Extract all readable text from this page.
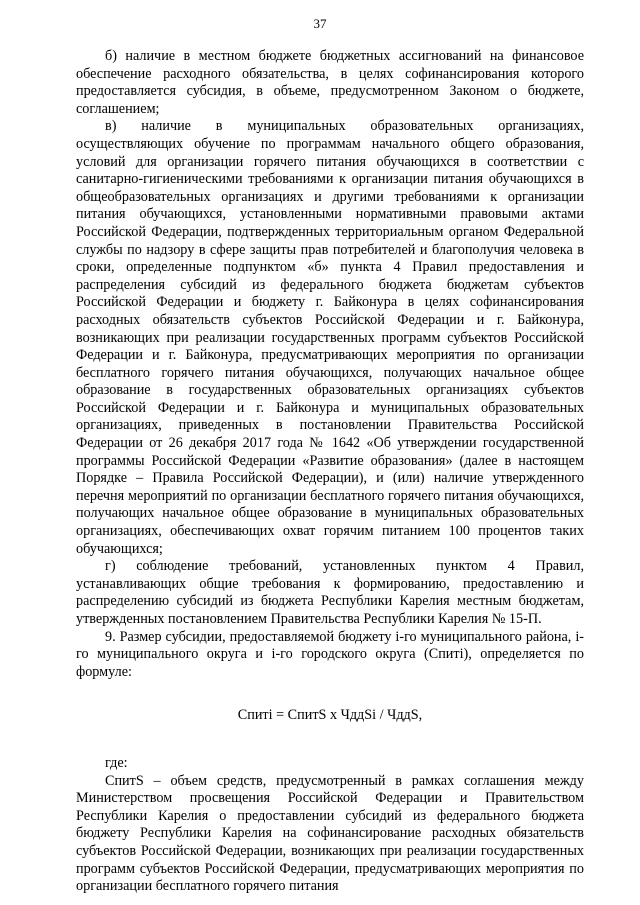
37

б) наличие в местном бюджете бюджетных ассигнований на финансовое обеспечение расходного обязательства, в целях софинансирования которого предоставляется субсидия, в объеме, предусмотренном Законом о бюджете, соглашением;

в) наличие в муниципальных образовательных организациях, осуществляющих обучение по программам начального общего образования, условий для организации горячего питания обучающихся в соответствии с санитарно-гигиеническими требованиями к организации питания обучающихся в общеобразовательных организациях и другими требованиями к организации питания обучающихся, установленными нормативными правовыми актами Российской Федерации, подтвержденных территориальным органом Федеральной службы по надзору в сфере защиты прав потребителей и благополучия человека в сроки, определенные подпунктом «б» пункта 4 Правил предоставления и распределения субсидий из федерального бюджета бюджетам субъектов Российской Федерации и бюджету г. Байконура в целях софинансирования расходных обязательств субъектов Российской Федерации и г. Байконура, возникающих при реализации государственных программ субъектов Российской Федерации и г. Байконура, предусматривающих мероприятия по организации бесплатного горячего питания обучающихся, получающих начальное общее образование в государственных образовательных организациях субъектов Российской Федерации и г. Байконура и муниципальных образовательных организациях, приведенных в постановлении Правительства Российской Федерации от 26 декабря 2017 года № 1642 «Об утверждении государственной программы Российской Федерации «Развитие образования» (далее в настоящем Порядке – Правила Российской Федерации), и (или) наличие утвержденного перечня мероприятий по организации бесплатного горячего питания обучающихся, получающих начальное общее образование в муниципальных образовательных организациях, обеспечивающих охват горячим питанием 100 процентов таких обучающихся;

г) соблюдение требований, установленных пунктом 4 Правил, устанавливающих общие требования к формированию, предоставлению и распределению субсидий из бюджета Республики Карелия местным бюджетам, утвержденных постановлением Правительства Республики Карелия № 15-П.

9. Размер субсидии, предоставляемой бюджету i-го муниципального района, i-го муниципального округа и i-го городского округа (Cпитi), определяется по формуле:

Cпитi = CпитS x ЧддSi / ЧддS,

где:

CпитS – объем средств, предусмотренный в рамках соглашения между Министерством просвещения Российской Федерации и Правительством Республики Карелия о предоставлении субсидий из федерального бюджета бюджету Республики Карелия на софинансирование расходных обязательств субъектов Российской Федерации, возникающих при реализации государственных программ субъектов Российской Федерации, предусматривающих мероприятия по организации бесплатного горячего питания
